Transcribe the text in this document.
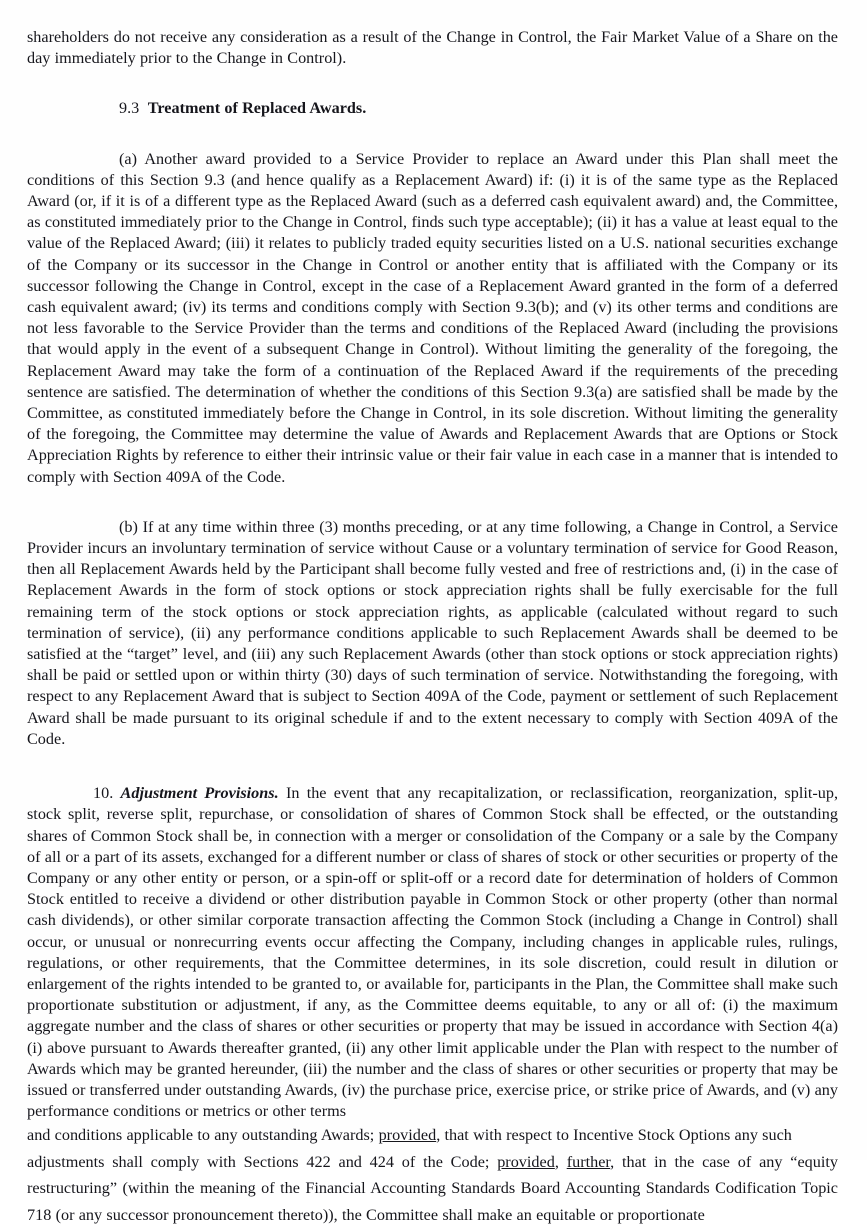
shareholders do not receive any consideration as a result of the Change in Control, the Fair Market Value of a Share on the day immediately prior to the Change in Control).

9.3 Treatment of Replaced Awards.

(a) Another award provided to a Service Provider to replace an Award under this Plan shall meet the conditions of this Section 9.3 (and hence qualify as a Replacement Award) if: (i) it is of the same type as the Replaced Award (or, if it is of a different type as the Replaced Award (such as a deferred cash equivalent award) and, the Committee, as constituted immediately prior to the Change in Control, finds such type acceptable); (ii) it has a value at least equal to the value of the Replaced Award; (iii) it relates to publicly traded equity securities listed on a U.S. national securities exchange of the Company or its successor in the Change in Control or another entity that is affiliated with the Company or its successor following the Change in Control, except in the case of a Replacement Award granted in the form of a deferred cash equivalent award; (iv) its terms and conditions comply with Section 9.3(b); and (v) its other terms and conditions are not less favorable to the Service Provider than the terms and conditions of the Replaced Award (including the provisions that would apply in the event of a subsequent Change in Control). Without limiting the generality of the foregoing, the Replacement Award may take the form of a continuation of the Replaced Award if the requirements of the preceding sentence are satisfied. The determination of whether the conditions of this Section 9.3(a) are satisfied shall be made by the Committee, as constituted immediately before the Change in Control, in its sole discretion. Without limiting the generality of the foregoing, the Committee may determine the value of Awards and Replacement Awards that are Options or Stock Appreciation Rights by reference to either their intrinsic value or their fair value in each case in a manner that is intended to comply with Section 409A of the Code.

(b) If at any time within three (3) months preceding, or at any time following, a Change in Control, a Service Provider incurs an involuntary termination of service without Cause or a voluntary termination of service for Good Reason, then all Replacement Awards held by the Participant shall become fully vested and free of restrictions and, (i) in the case of Replacement Awards in the form of stock options or stock appreciation rights shall be fully exercisable for the full remaining term of the stock options or stock appreciation rights, as applicable (calculated without regard to such termination of service), (ii) any performance conditions applicable to such Replacement Awards shall be deemed to be satisfied at the “target” level, and (iii) any such Replacement Awards (other than stock options or stock appreciation rights) shall be paid or settled upon or within thirty (30) days of such termination of service. Notwithstanding the foregoing, with respect to any Replacement Award that is subject to Section 409A of the Code, payment or settlement of such Replacement Award shall be made pursuant to its original schedule if and to the extent necessary to comply with Section 409A of the Code.

10. Adjustment Provisions. In the event that any recapitalization, or reclassification, reorganization, split-up, stock split, reverse split, repurchase, or consolidation of shares of Common Stock shall be effected, or the outstanding shares of Common Stock shall be, in connection with a merger or consolidation of the Company or a sale by the Company of all or a part of its assets, exchanged for a different number or class of shares of stock or other securities or property of the Company or any other entity or person, or a spin-off or split-off or a record date for determination of holders of Common Stock entitled to receive a dividend or other distribution payable in Common Stock or other property (other than normal cash dividends), or other similar corporate transaction affecting the Common Stock (including a Change in Control) shall occur, or unusual or nonrecurring events occur affecting the Company, including changes in applicable rules, rulings, regulations, or other requirements, that the Committee determines, in its sole discretion, could result in dilution or enlargement of the rights intended to be granted to, or available for, participants in the Plan, the Committee shall make such proportionate substitution or adjustment, if any, as the Committee deems equitable, to any or all of: (i) the maximum aggregate number and the class of shares or other securities or property that may be issued in accordance with Section 4(a)(i) above pursuant to Awards thereafter granted, (ii) any other limit applicable under the Plan with respect to the number of Awards which may be granted hereunder, (iii) the number and the class of shares or other securities or property that may be issued or transferred under outstanding Awards, (iv) the purchase price, exercise price, or strike price of Awards, and (v) any performance conditions or metrics or other terms

and conditions applicable to any outstanding Awards; provided, that with respect to Incentive Stock Options any such

adjustments shall comply with Sections 422 and 424 of the Code; provided, further, that in the case of any “equity restructuring” (within the meaning of the Financial Accounting Standards Board Accounting Standards Codification Topic 718 (or any successor pronouncement thereto)), the Committee shall make an equitable or proportionate
